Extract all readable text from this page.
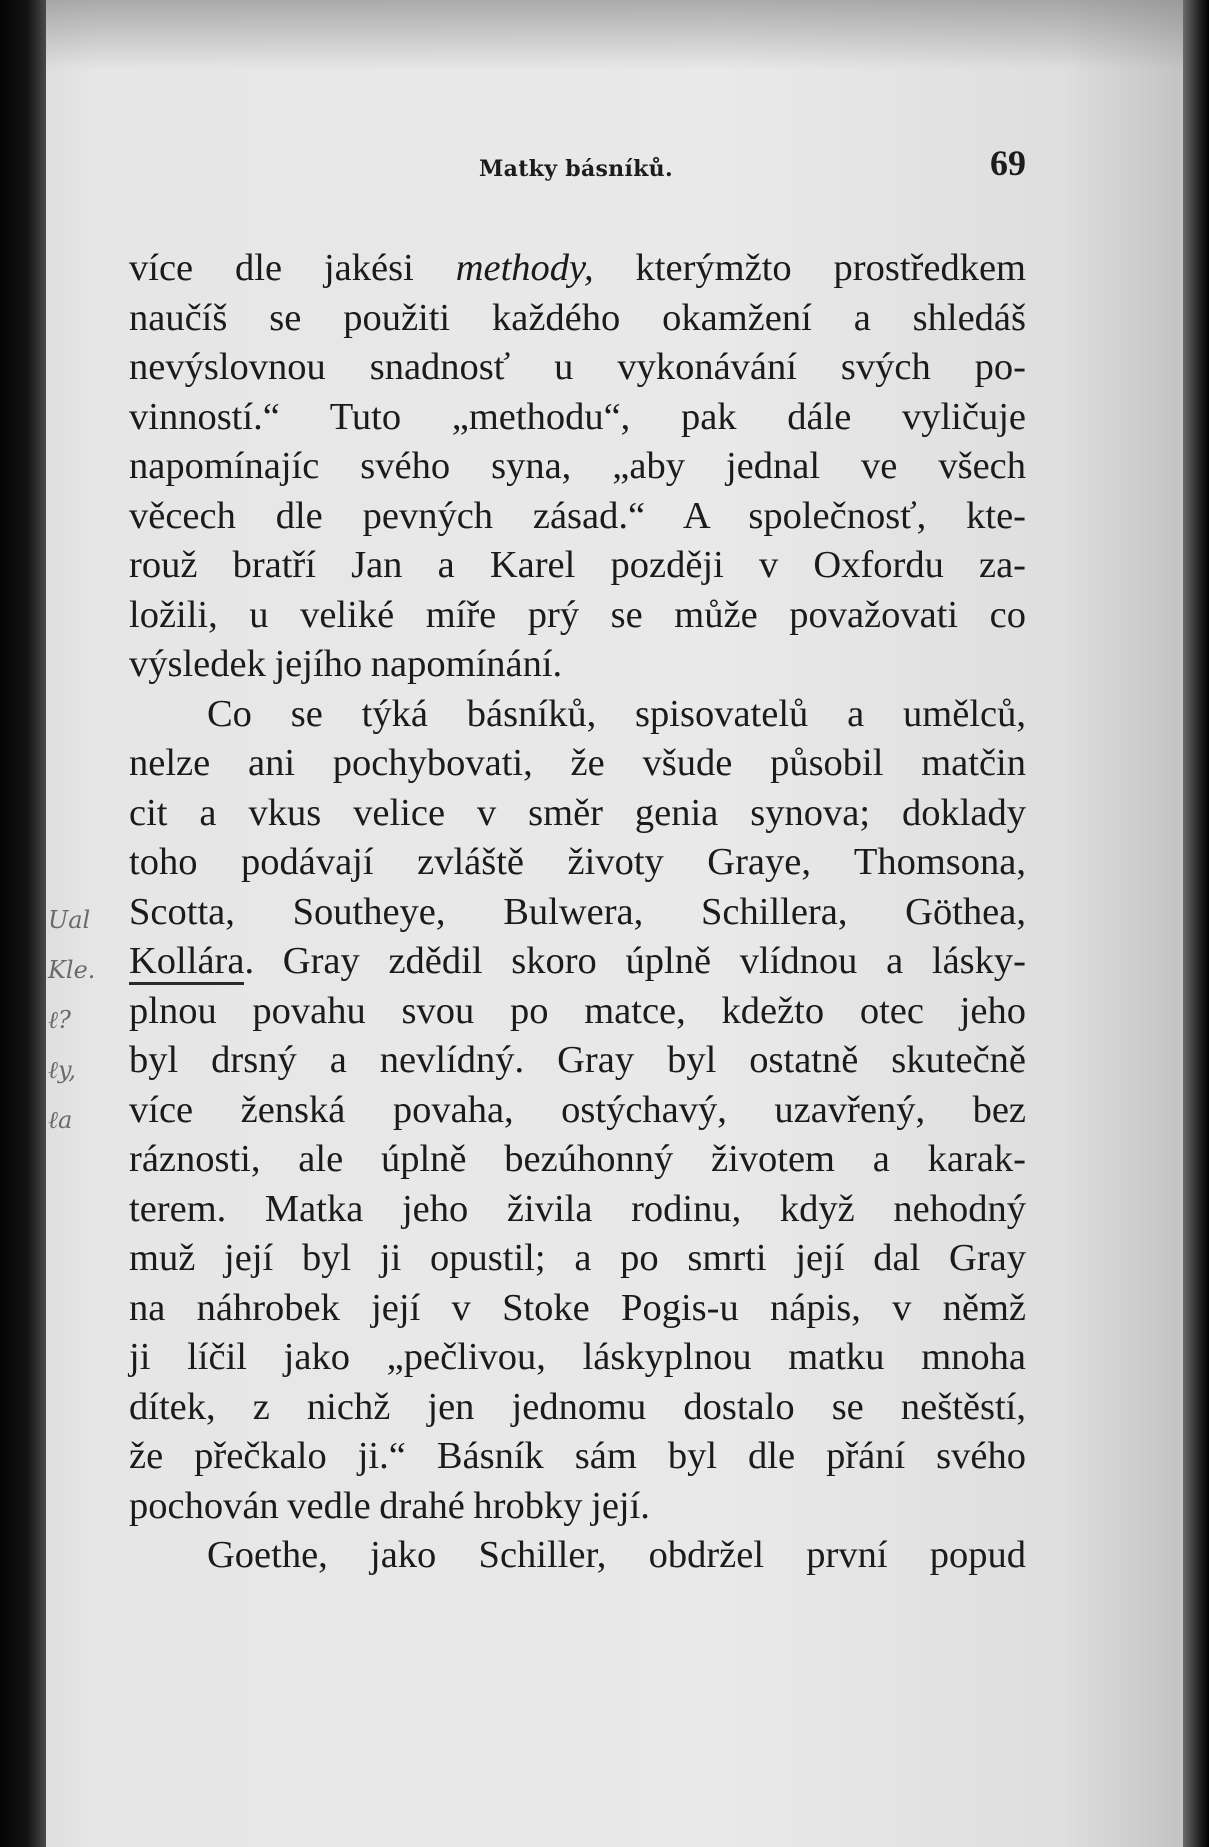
Matky básníků.	69
Ual
Kle.
ℓ?
ℓy,
ℓa
více dle jakési methody, kterýmžto prostředkem
naučíš se použiti každého okamžení a shledáš
nevýslovnou snadnosť u vykonávání svých po-
vinností.“ Tuto „methodu“, pak dále vyličuje
napomínajíc svého syna, „aby jednal ve všech
věcech dle pevných zásad.“ A společnosť, kte-
rouž bratří Jan a Karel později v Oxfordu za-
ložili, u veliké míře prý se může považovati co
výsledek jejího napomínání.
Co se týká básníků, spisovatelů a umělců,
nelze ani pochybovati, že všude působil matčin
cit a vkus velice v směr genia synova; doklady
toho podávají zvláště životy Graye, Thomsona,
Scotta, Southeye, Bulwera, Schillera, Göthea,
Kollára. Gray zdědil skoro úplně vlídnou a lásky-
plnou povahu svou po matce, kdežto otec jeho
byl drsný a nevlídný. Gray byl ostatně skutečně
více ženská povaha, ostýchavý, uzavřený, bez
ráznosti, ale úplně bezúhonný životem a karak-
terem. Matka jeho živila rodinu, když nehodný
muž její byl ji opustil; a po smrti její dal Gray
na náhrobek její v Stoke Pogis-u nápis, v němž
ji líčil jako „pečlivou, láskyplnou matku mnoha
dítek, z nichž jen jednomu dostalo se neštěstí,
že přečkalo ji.“ Básník sám byl dle přání svého
pochován vedle drahé hrobky její.
Goethe, jako Schiller, obdržel první popud
